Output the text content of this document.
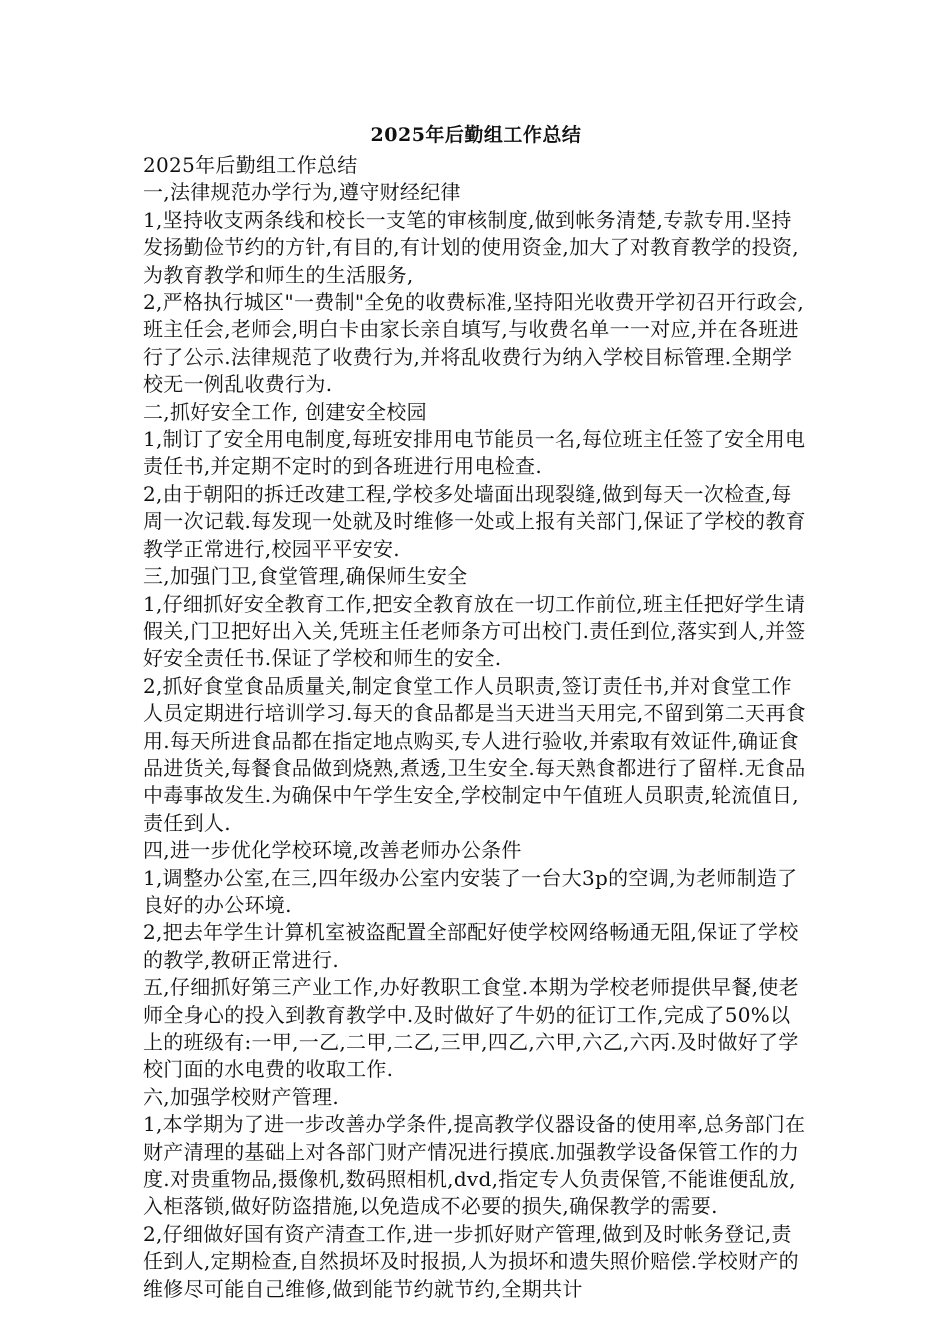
2025年后勤组工作总结

2025年后勤组工作总结

一,法律规范办学行为,遵守财经纪律

1,坚持收支两条线和校长一支笔的审核制度,做到帐务清楚,专款专用.坚持发扬勤俭节约的方针,有目的,有计划的使用资金,加大了对教育教学的投资,为教育教学和师生的生活服务,

2,严格执行城区"一费制"全免的收费标准,坚持阳光收费开学初召开行政会,班主任会,老师会,明白卡由家长亲自填写,与收费名单一一对应,并在各班进行了公示.法律规范了收费行为,并将乱收费行为纳入学校目标管理.全期学校无一例乱收费行为.

二,抓好安全工作, 创建安全校园

1,制订了安全用电制度,每班安排用电节能员一名,每位班主任签了安全用电责任书,并定期不定时的到各班进行用电检查.

2,由于朝阳的拆迁改建工程,学校多处墙面出现裂缝,做到每天一次检查,每周一次记载.每发现一处就及时维修一处或上报有关部门,保证了学校的教育教学正常进行,校园平平安安.

三,加强门卫,食堂管理,确保师生安全

1,仔细抓好安全教育工作,把安全教育放在一切工作前位,班主任把好学生请假关,门卫把好出入关,凭班主任老师条方可出校门.责任到位,落实到人,并签好安全责任书.保证了学校和师生的安全.

2,抓好食堂食品质量关,制定食堂工作人员职责,签订责任书,并对食堂工作人员定期进行培训学习.每天的食品都是当天进当天用完,不留到第二天再食用.每天所进食品都在指定地点购买,专人进行验收,并索取有效证件,确证食品进货关,每餐食品做到烧熟,煮透,卫生安全.每天熟食都进行了留样.无食品中毒事故发生.为确保中午学生安全,学校制定中午值班人员职责,轮流值日,责任到人.

四,进一步优化学校环境,改善老师办公条件

1,调整办公室,在三,四年级办公室内安装了一台大3p的空调,为老师制造了良好的办公环境.

2,把去年学生计算机室被盗配置全部配好使学校网络畅通无阻,保证了学校的教学,教研正常进行.

五,仔细抓好第三产业工作,办好教职工食堂.本期为学校老师提供早餐,使老师全身心的投入到教育教学中.及时做好了牛奶的征订工作,完成了50%以上的班级有:一甲,一乙,二甲,二乙,三甲,四乙,六甲,六乙,六丙.及时做好了学校门面的水电费的收取工作.

六,加强学校财产管理.

1,本学期为了进一步改善办学条件,提高教学仪器设备的使用率,总务部门在财产清理的基础上对各部门财产情况进行摸底.加强教学设备保管工作的力度.对贵重物品,摄像机,数码照相机,dvd,指定专人负责保管,不能谁便乱放,入柜落锁,做好防盗措施,以免造成不必要的损失,确保教学的需要.

2,仔细做好国有资产清查工作,进一步抓好财产管理,做到及时帐务登记,责任到人,定期检查,自然损坏及时报损,人为损坏和遗失照价赔偿.学校财产的维修尽可能自己维修,做到能节约就节约,全期共计
